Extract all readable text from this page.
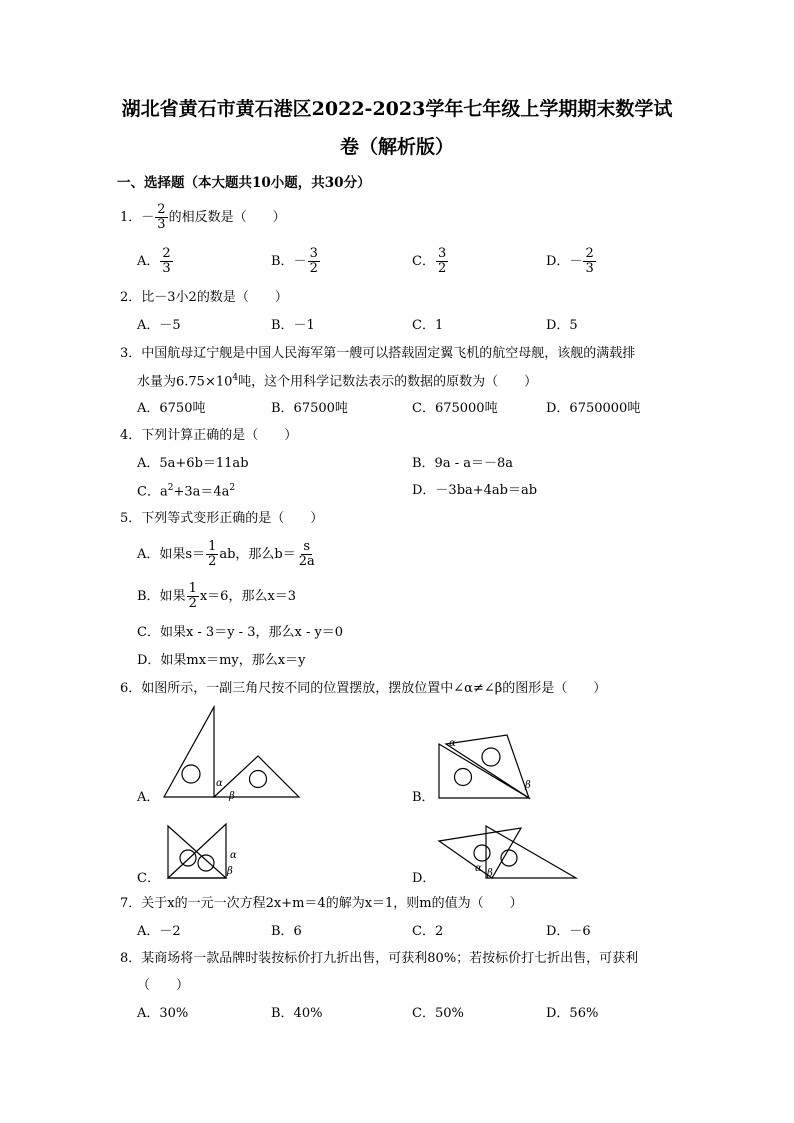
湖北省黄石市黄石港区2022-2023学年七年级上学期期末数学试
卷（解析版）
一、选择题（本大题共10小题，共30分）
1． － $\frac{2}{3}$ 的相反数是（　　）
A． $\frac{2}{3}$	B． － $\frac{3}{2}$	C． $\frac{3}{2}$	D． － $\frac{2}{3}$
2．比－3小2的数是（　　）
A．－5	B．－1	C．1	D．5
3．中国航母辽宁舰是中国人民海军第一艘可以搭载固定翼飞机的航空母舰，该舰的满载排
水量为$6.75\times 10^4$吨，这个用科学记数法表示的数据的原数为（　　）
A．6750吨	B．67500吨	C．675000吨	D．6750000吨
4．下列计算正确的是（　　）
A．5a+6b＝11ab	B．9a - a＝－8a
C．$a^2+3a=4a^2$	D．－3ba+4ab＝ab
5．下列等式变形正确的是（　　）
A．如果$s= \frac{1}{2}$ ab，那么$b= \frac{s}{2a}$
B．如果 $\frac{1}{2} x=6$，那么x＝3
C．如果x - 3＝y - 3，那么x - y＝0
D．如果mx＝my，那么x＝y
6．如图所示，一副三角尺按不同的位置摆放，摆放位置中∠α≠∠β的图形是（　　）
A．
α
β	B．
α
β
C．
α
β	D．
α β
7．关于x的一元一次方程2x+m＝4的解为x＝1，则m的值为（　　）
A．－2	B．6	C．2	D．－6
8．某商场将一款品牌时装按标价打九折出售，可获利80%；若按标价打七折出售，可获利
（　　）
A．30%	B．40%	C．50%	D．56%
